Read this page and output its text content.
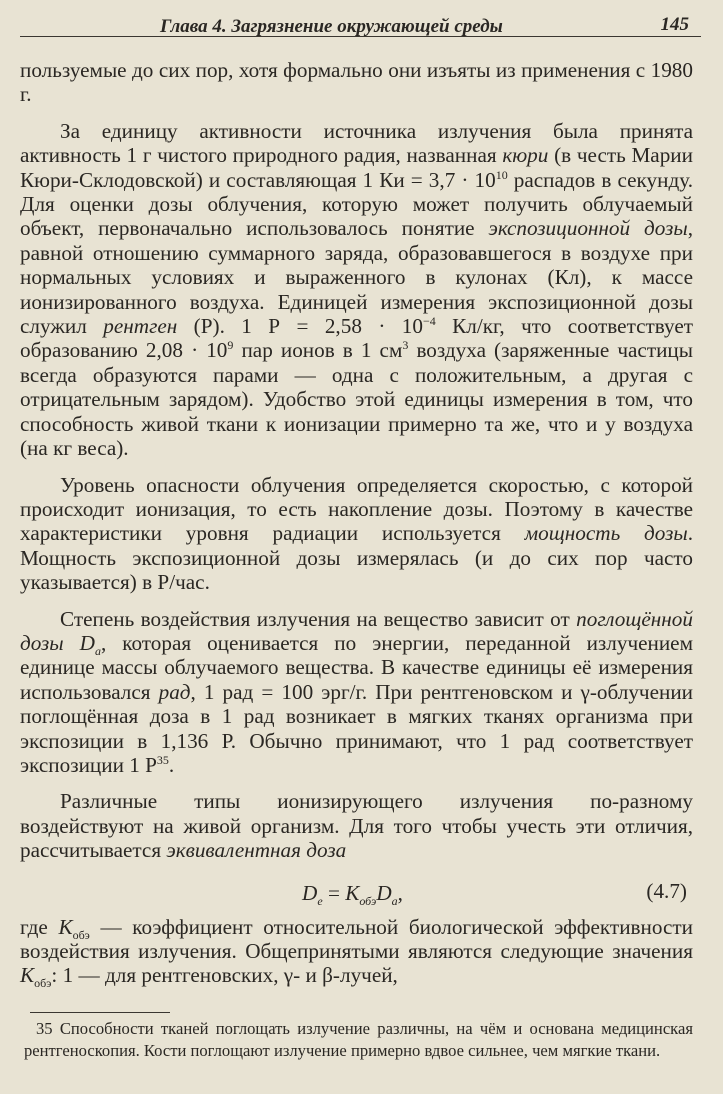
Глава 4. Загрязнение окружающей среды	145

пользуемые до сих пор, хотя формально они изъяты из применения с 1980 г.

За единицу активности источника излучения была принята активность 1 г чистого природного радия, названная кюри (в честь Марии Кюри-Склодовской) и составляющая 1 Ки = $3,7 \cdot 10^{10}$ распадов в секунду. Для оценки дозы облучения, которую может получить облучаемый объект, первоначально использовалось понятие экспозиционной дозы, равной отношению суммарного заряда, образовавшегося в воздухе при нормальных условиях и выраженного в кулонах (Кл), к массе ионизированного воздуха. Единицей измерения экспозиционной дозы служил рентген (Р). 1 $Р = 2,58 \cdot 10^{-4}$ Кл/кг, что соответствует образованию $2,08 \cdot 10^9$ пар ионов в 1 $см^3$ воздуха (заряженные частицы всегда образуются парами — одна с положительным, а другая с отрицательным зарядом). Удобство этой единицы измерения в том, что способность живой ткани к ионизации примерно та же, что и у воздуха (на кг веса).

Уровень опасности облучения определяется скоростью, с которой происходит ионизация, то есть накопление дозы. Поэтому в качестве характеристики уровня радиации используется мощность дозы. Мощность экспозиционной дозы измерялась (и до сих пор часто указывается) в Р/час.

Степень воздействия излучения на вещество зависит от поглощённой дозы $D_a$, которая оценивается по энергии, переданной излучением единице массы облучаемого вещества. В качестве единицы её измерения использовался рад, 1 рад = 100 эрг/г. При рентгеновском и γ-облучении поглощённая доза в 1 рад возникает в мягких тканях организма при экспозиции в 1,136 Р. Обычно принимают, что 1 рад соответствует экспозиции 1 $Р^{35}$.

Различные типы ионизирующего излучения по-разному воздействуют на живой организм. Для того чтобы учесть эти отличия, рассчитывается эквивалентная доза

$D_e = K_{обэ}D_a$,	(4.7)

где $K_{обэ}$ — коэффициент относительной биологической эффективности воздействия излучения. Общепринятыми являются следующие значения $K_{обэ}$: 1 — для рентгеновских, γ- и β-лучей,

35 Способности тканей поглощать излучение различны, на чём и основана медицинская рентгеноскопия. Кости поглощают излучение примерно вдвое сильнее, чем мягкие ткани.
